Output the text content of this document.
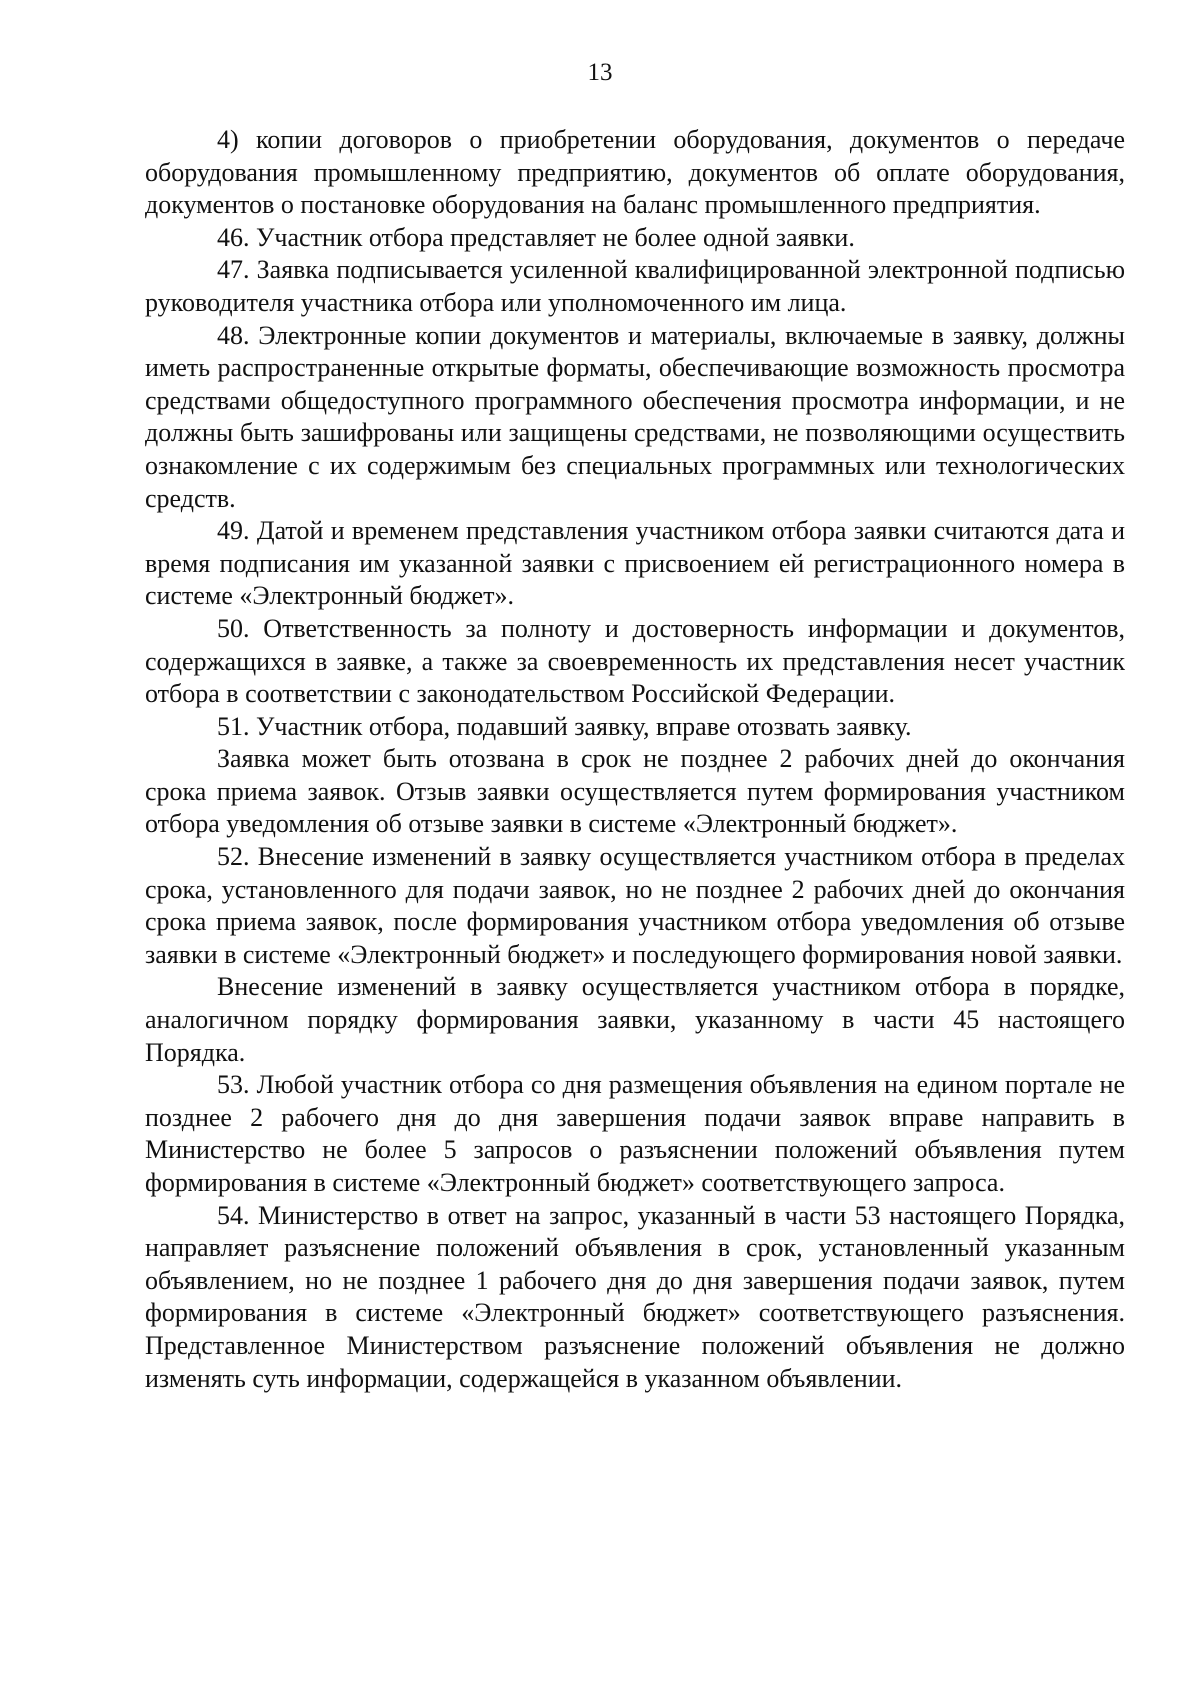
13

4) копии договоров о приобретении оборудования, документов о передаче оборудования промышленному предприятию, документов об оплате оборудования, документов о постановке оборудования на баланс промышленного предприятия.

46. Участник отбора представляет не более одной заявки.

47. Заявка подписывается усиленной квалифицированной электронной подписью руководителя участника отбора или уполномоченного им лица.

48. Электронные копии документов и материалы, включаемые в заявку, должны иметь распространенные открытые форматы, обеспечивающие возможность просмотра средствами общедоступного программного обеспечения просмотра информации, и не должны быть зашифрованы или защищены средствами, не позволяющими осуществить ознакомление с их содержимым без специальных программных или технологических средств.

49. Датой и временем представления участником отбора заявки считаются дата и время подписания им указанной заявки с присвоением ей регистрационного номера в системе «Электронный бюджет».

50. Ответственность за полноту и достоверность информации и документов, содержащихся в заявке, а также за своевременность их представления несет участник отбора в соответствии с законодательством Российской Федерации.

51. Участник отбора, подавший заявку, вправе отозвать заявку.

Заявка может быть отозвана в срок не позднее 2 рабочих дней до окончания срока приема заявок. Отзыв заявки осуществляется путем формирования участником отбора уведомления об отзыве заявки в системе «Электронный бюджет».

52. Внесение изменений в заявку осуществляется участником отбора в пределах срока, установленного для подачи заявок, но не позднее 2 рабочих дней до окончания срока приема заявок, после формирования участником отбора уведомления об отзыве заявки в системе «Электронный бюджет» и последующего формирования новой заявки.

Внесение изменений в заявку осуществляется участником отбора в порядке, аналогичном порядку формирования заявки, указанному в части 45 настоящего Порядка.

53. Любой участник отбора со дня размещения объявления на едином портале не позднее 2 рабочего дня до дня завершения подачи заявок вправе направить в Министерство не более 5 запросов о разъяснении положений объявления путем формирования в системе «Электронный бюджет» соответствующего запроса.

54. Министерство в ответ на запрос, указанный в части 53 настоящего Порядка, направляет разъяснение положений объявления в срок, установленный указанным объявлением, но не позднее 1 рабочего дня до дня завершения подачи заявок, путем формирования в системе «Электронный бюджет» соответствующего разъяснения. Представленное Министерством разъяснение положений объявления не должно изменять суть информации, содержащейся в указанном объявлении.
